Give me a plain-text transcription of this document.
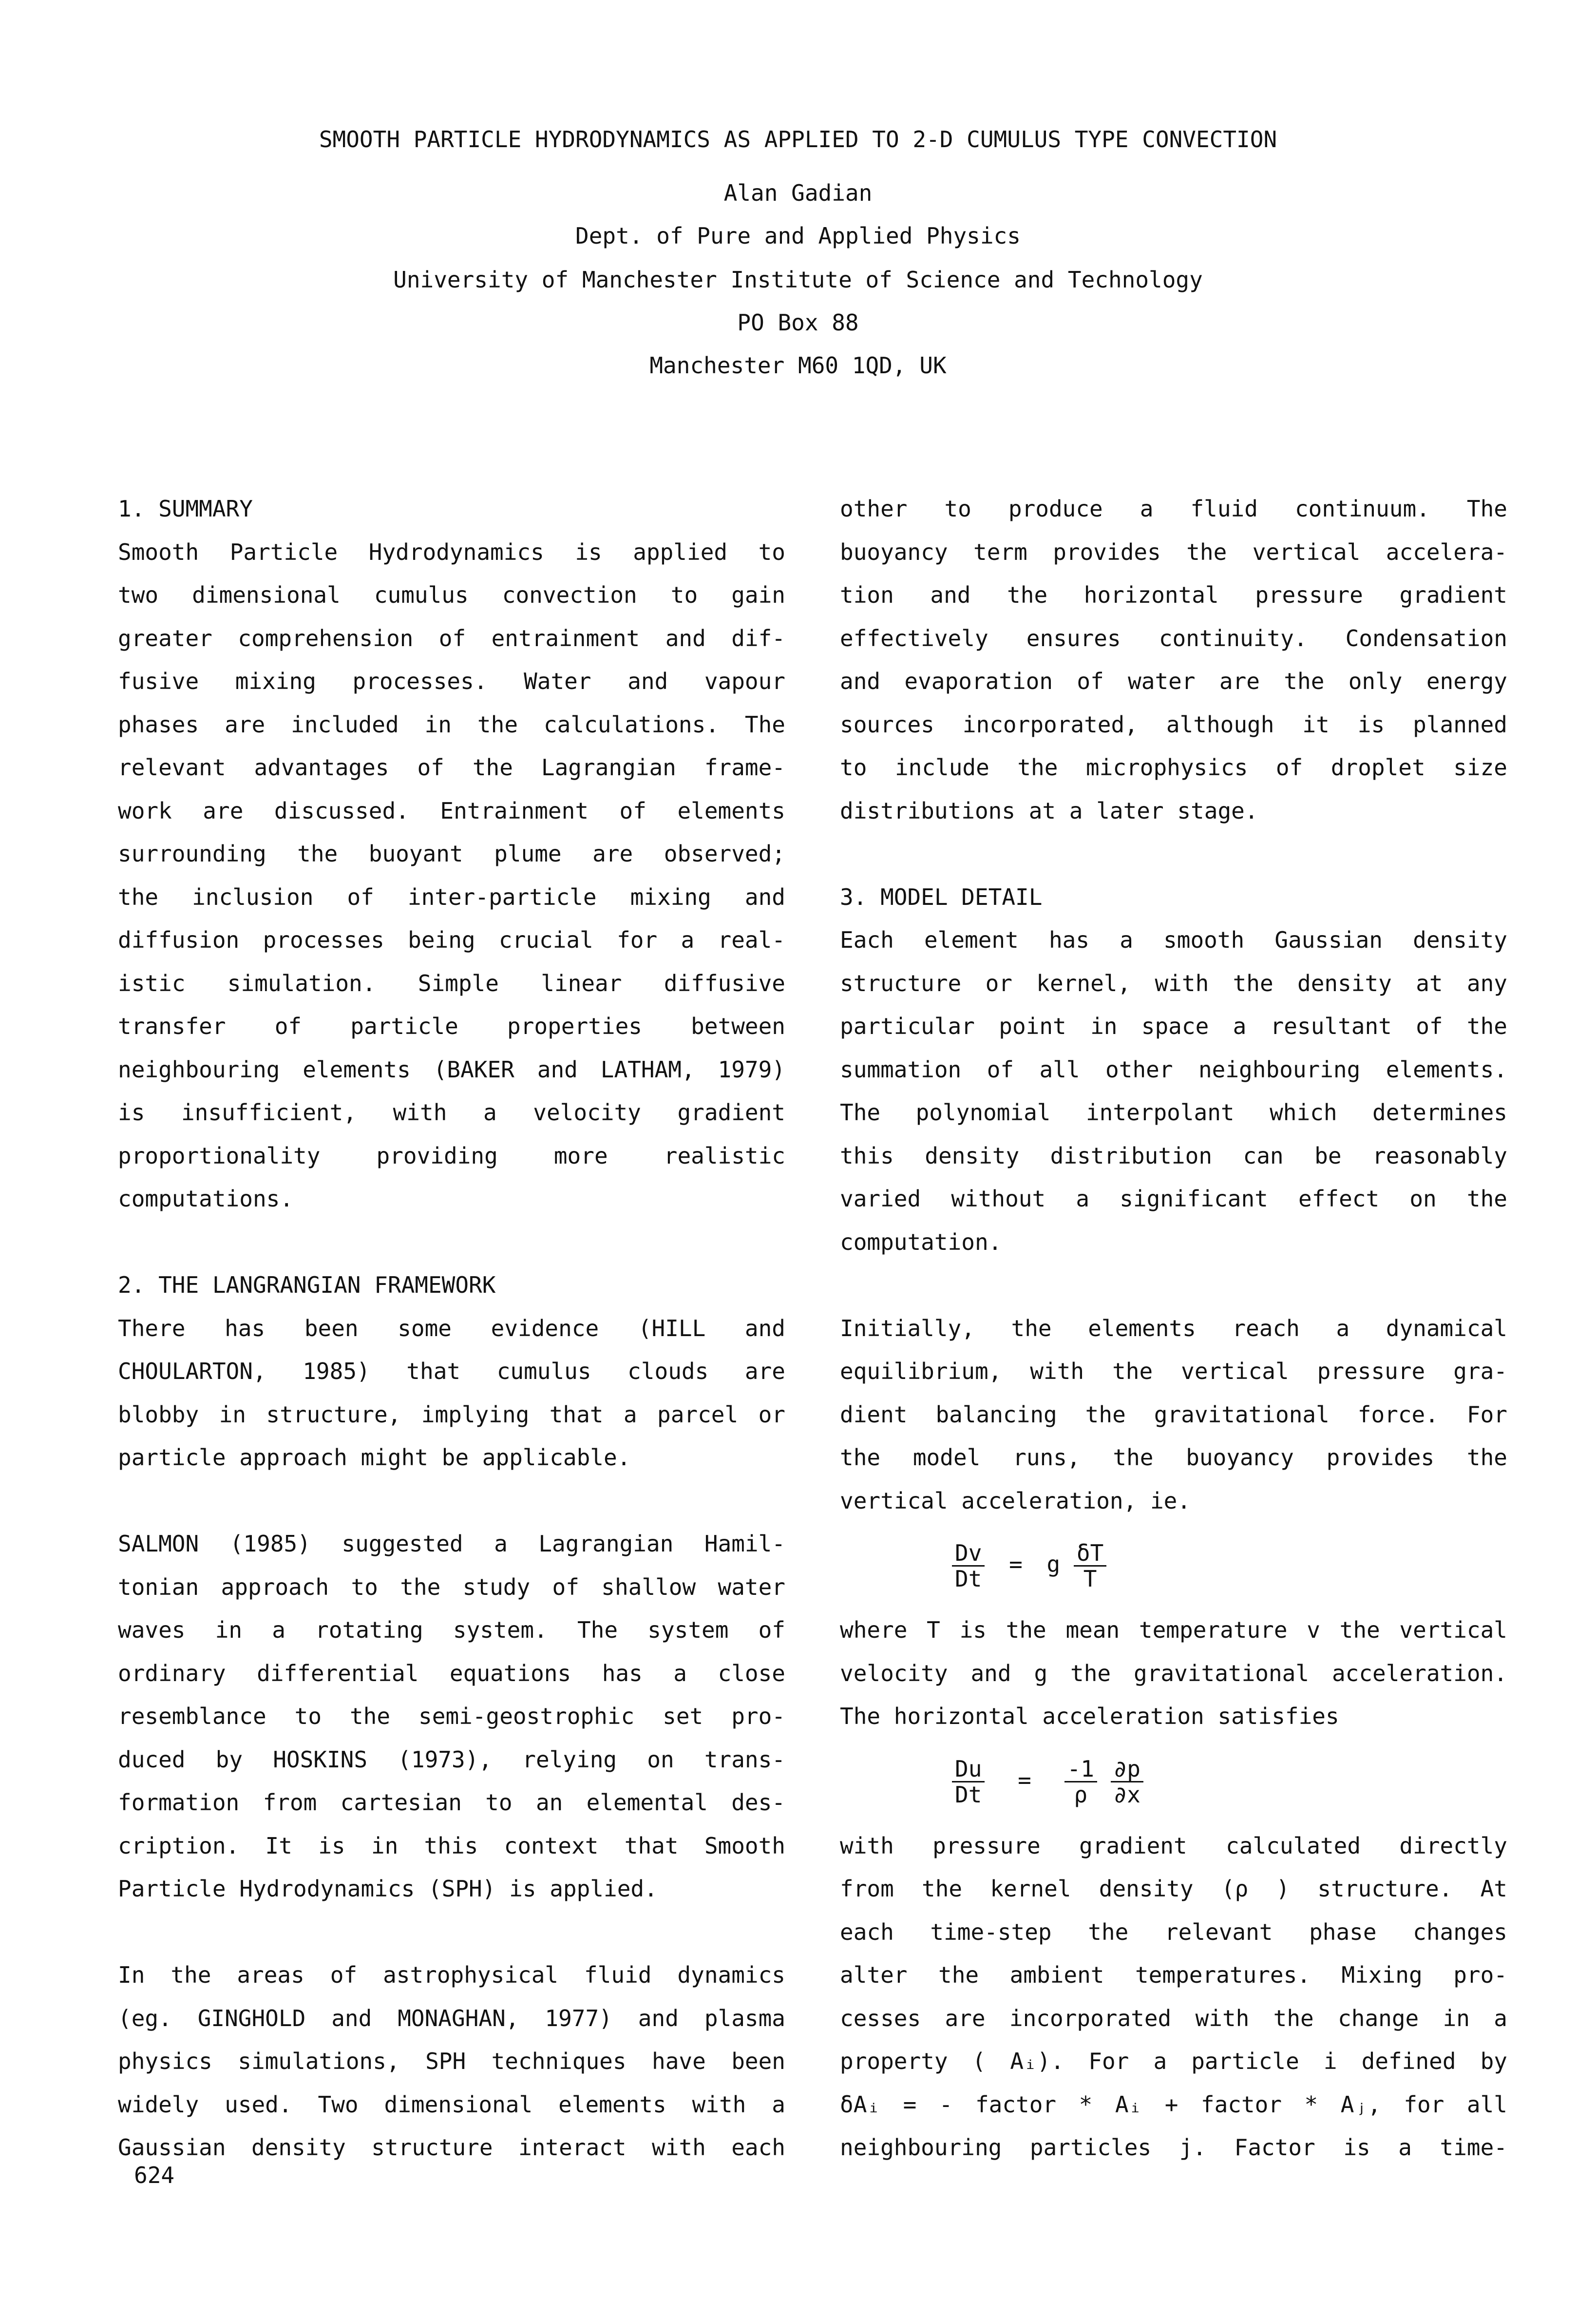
SMOOTH PARTICLE HYDRODYNAMICS AS APPLIED TO 2-D CUMULUS TYPE CONVECTION
Alan Gadian
Dept. of Pure and Applied Physics
University of Manchester Institute of Science and Technology
PO Box 88
Manchester M60 1QD, UK
1. SUMMARY
Smooth Particle Hydrodynamics is applied to
two dimensional cumulus convection to gain
greater comprehension of entrainment and dif-
fusive mixing processes. Water and vapour
phases are included in the calculations. The
relevant advantages of the Lagrangian frame-
work are discussed. Entrainment of elements
surrounding the buoyant plume are observed;
the inclusion of inter-particle mixing and
diffusion processes being crucial for a real-
istic simulation. Simple linear diffusive
transfer of particle properties between
neighbouring elements (BAKER and LATHAM, 1979)
is insufficient, with a velocity gradient
proportionality providing more realistic
computations.
2. THE LANGRANGIAN FRAMEWORK
There has been some evidence (HILL and
CHOULARTON, 1985) that cumulus clouds are
blobby in structure, implying that a parcel or
particle approach might be applicable.
SALMON (1985) suggested a Lagrangian Hamil-
tonian approach to the study of shallow water
waves in a rotating system. The system of
ordinary differential equations has a close
resemblance to the semi-geostrophic set pro-
duced by HOSKINS (1973), relying on trans-
formation from cartesian to an elemental des-
cription. It is in this context that Smooth
Particle Hydrodynamics (SPH) is applied.
In the areas of astrophysical fluid dynamics
(eg. GINGHOLD and MONAGHAN, 1977) and plasma
physics simulations, SPH techniques have been
widely used. Two dimensional elements with a
Gaussian density structure interact with each
other to produce a fluid continuum. The
buoyancy term provides the vertical accelera-
tion and the horizontal pressure gradient
effectively ensures continuity. Condensation
and evaporation of water are the only energy
sources incorporated, although it is planned
to include the microphysics of droplet size
distributions at a later stage.
3. MODEL DETAIL
Each element has a smooth Gaussian density
structure or kernel, with the density at any
particular point in space a resultant of the
summation of all other neighbouring elements.
The polynomial interpolant which determines
this density distribution can be reasonably
varied without a significant effect on the
computation.
Initially, the elements reach a dynamical
equilibrium, with the vertical pressure gra-
dient balancing the gravitational force. For
the model runs, the buoyancy provides the
vertical acceleration, ie.
$\frac{Dv}{Dt} = g \frac{\delta T}{T}$
where T is the mean temperature v the vertical
velocity and g the gravitational acceleration.
The horizontal acceleration satisfies
$\frac{Du}{Dt} = \frac{-1}{\rho}$
$\frac{\partial p}{\partial x}$
with pressure gradient calculated directly
from the kernel density (ρ ) structure. At
each time-step the relevant phase changes
alter the ambient temperatures. Mixing pro-
cesses are incorporated with the change in a
property ( Aᵢ). For a particle i defined by
δAᵢ = - factor * Aᵢ + factor * Aⱼ, for all
neighbouring particles j. Factor is a time-
624
